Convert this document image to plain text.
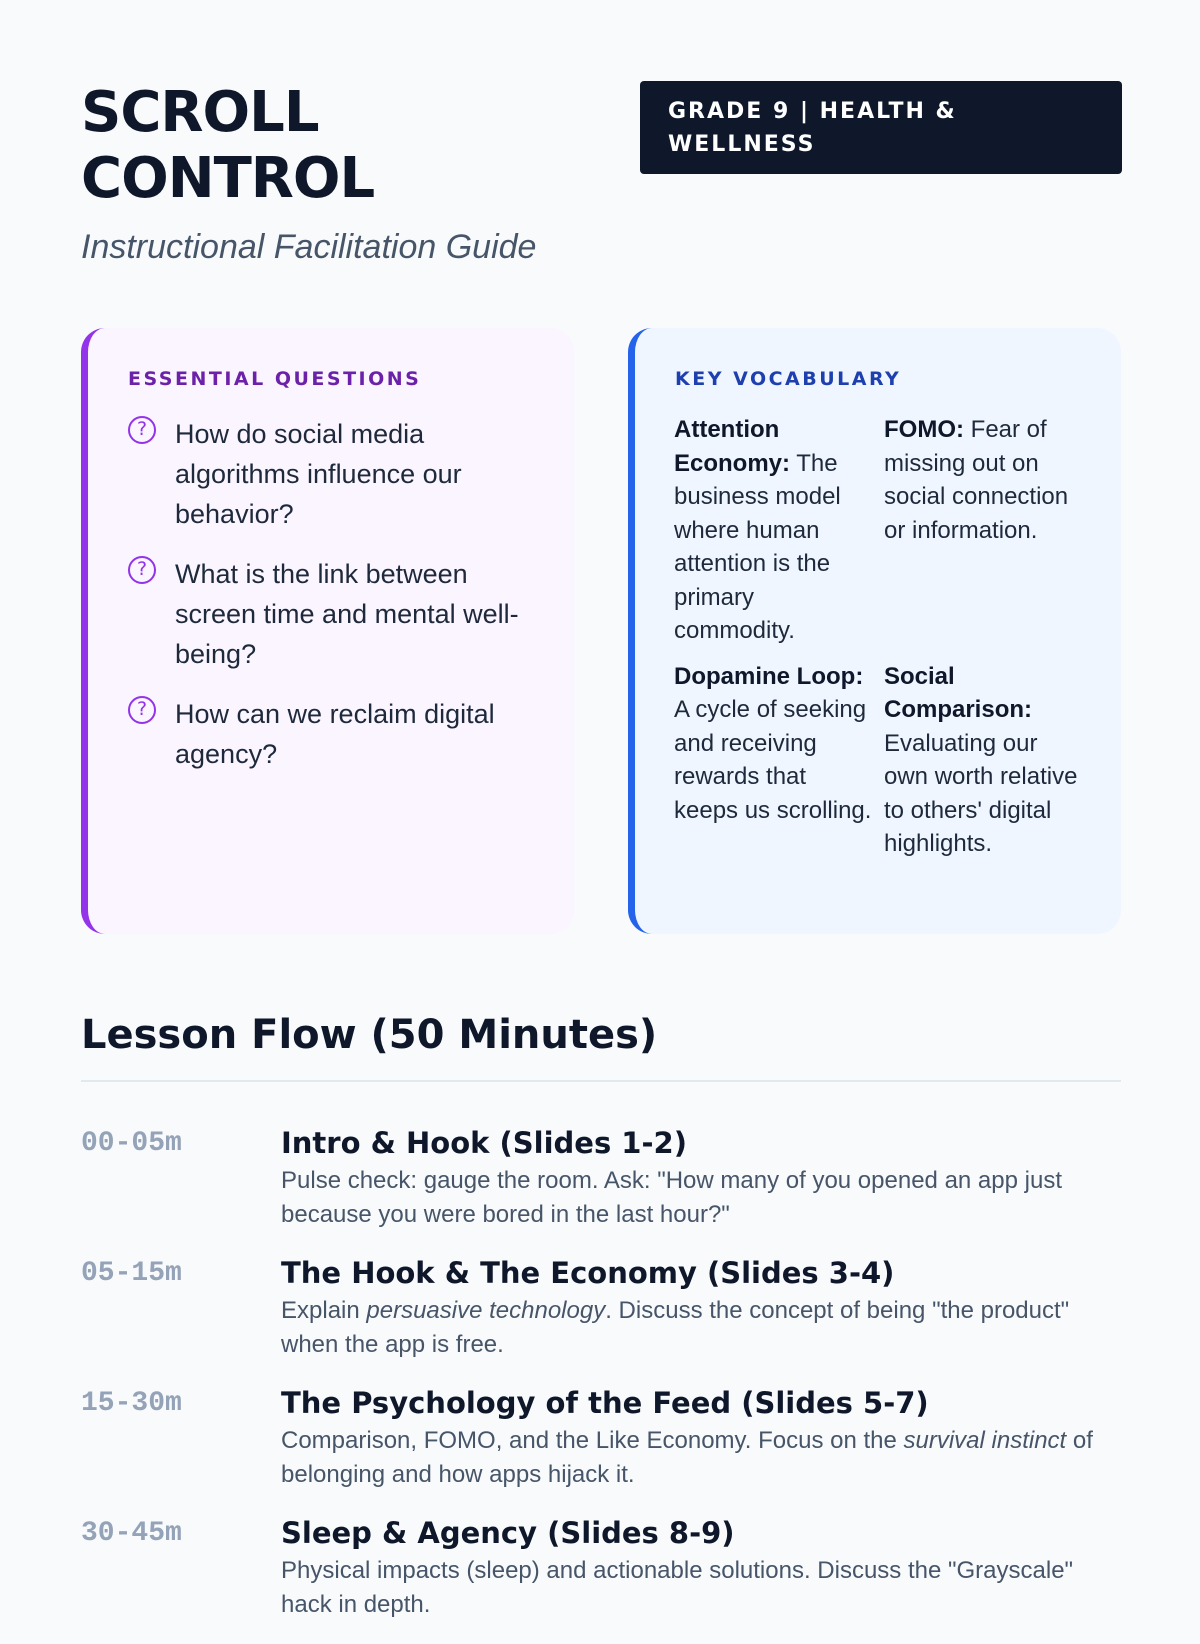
SCROLL
CONTROL

Instructional Facilitation Guide

GRADE 9 | HEALTH & WELLNESS
ESSENTIAL QUESTIONS
?	How do social media algorithms influence our behavior?
?	What is the link between screen time and mental well-being?
?	How can we reclaim digital agency?
KEY VOCABULARY
Attention Economy: The business model where human attention is the primary commodity.
FOMO: Fear of missing out on social connection or information.
Dopamine Loop: A cycle of seeking and receiving rewards that keeps us scrolling.
Social Comparison: Evaluating our own worth relative to others' digital highlights.
Lesson Flow (50 Minutes)
00-05m	Intro & Hook (Slides 1-2)

Pulse check: gauge the room. Ask: "How many of you opened an app just because you were bored in the last hour?"

05-15m	The Hook & The Economy (Slides 3-4)

Explain persuasive technology. Discuss the concept of being "the product" when the app is free.

15-30m	The Psychology of the Feed (Slides 5-7)

Comparison, FOMO, and the Like Economy. Focus on the survival instinct of belonging and how apps hijack it.

30-45m	Sleep & Agency (Slides 8-9)

Physical impacts (sleep) and actionable solutions. Discuss the "Grayscale" hack in depth.
